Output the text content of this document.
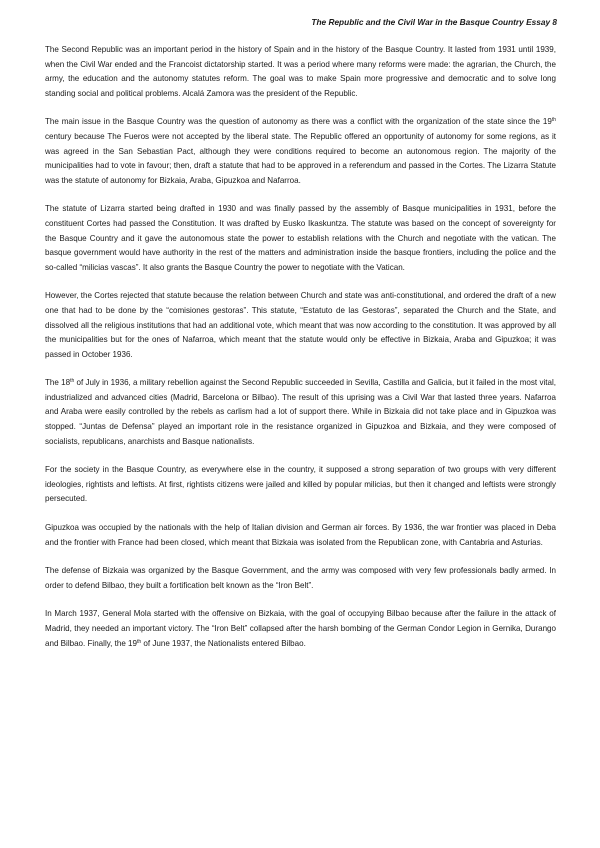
The Republic and the Civil War in the Basque Country Essay 8

The Second Republic was an important period in the history of Spain and in the history of the Basque Country. It lasted from 1931 until 1939, when the Civil War ended and the Francoist dictatorship started. It was a period where many reforms were made: the agrarian, the Church, the army, the education and the autonomy statutes reform. The goal was to make Spain more progressive and democratic and to solve long standing social and political problems. Alcalá Zamora was the president of the Republic.

The main issue in the Basque Country was the question of autonomy as there was a conflict with the organization of the state since the 19th century because The Fueros were not accepted by the liberal state. The Republic offered an opportunity of autonomy for some regions, as it was agreed in the San Sebastian Pact, although they were conditions required to become an autonomous region. The majority of the municipalities had to vote in favour; then, draft a statute that had to be approved in a referendum and passed in the Cortes. The Lizarra Statute was the statute of autonomy for Bizkaia, Araba, Gipuzkoa and Nafarroa.

The statute of Lizarra started being drafted in 1930 and was finally passed by the assembly of Basque municipalities in 1931, before the constituent Cortes had passed the Constitution. It was drafted by Eusko Ikaskuntza. The statute was based on the concept of sovereignty for the Basque Country and it gave the autonomous state the power to establish relations with the Church and negotiate with the vatican. The basque government would have authority in the rest of the matters and administration inside the basque frontiers, including the police and the so-called “milicias vascas”. It also grants the Basque Country the power to negotiate with the Vatican.

However, the Cortes rejected that statute because the relation between Church and state was anti-constitutional, and ordered the draft of a new one that had to be done by the “comisiones gestoras”. This statute, “Estatuto de las Gestoras”, separated the Church and the State, and dissolved all the religious institutions that had an additional vote, which meant that was now according to the constitution. It was approved by all the municipalities but for the ones of Nafarroa, which meant that the statute would only be effective in Bizkaia, Araba and Gipuzkoa; it was passed in October 1936.

The 18th of July in 1936, a military rebellion against the Second Republic succeeded in Sevilla, Castilla and Galicia, but it failed in the most vital, industrialized and advanced cities (Madrid, Barcelona or Bilbao). The result of this uprising was a Civil War that lasted three years. Nafarroa and Araba were easily controlled by the rebels as carlism had a lot of support there. While in Bizkaia did not take place and in Gipuzkoa was stopped. “Juntas de Defensa” played an important role in the resistance organized in Gipuzkoa and Bizkaia, and they were composed of socialists, republicans, anarchists and Basque nationalists.

For the society in the Basque Country, as everywhere else in the country, it supposed a strong separation of two groups with very different ideologies, rightists and leftists. At first, rightists citizens were jailed and killed by popular milicias, but then it changed and leftists were strongly persecuted.

Gipuzkoa was occupied by the nationals with the help of Italian division and German air forces. By 1936, the war frontier was placed in Deba and the frontier with France had been closed, which meant that Bizkaia was isolated from the Republican zone, with Cantabria and Asturias.

The defense of Bizkaia was organized by the Basque Government, and the army was composed with very few professionals badly armed. In order to defend Bilbao, they built a fortification belt known as the “Iron Belt”.

In March 1937, General Mola started with the offensive on Bizkaia, with the goal of occupying Bilbao because after the failure in the attack of Madrid, they needed an important victory. The “Iron Belt” collapsed after the harsh bombing of the German Condor Legion in Gernika, Durango and Bilbao. Finally, the 19th of June 1937, the Nationalists entered Bilbao.
